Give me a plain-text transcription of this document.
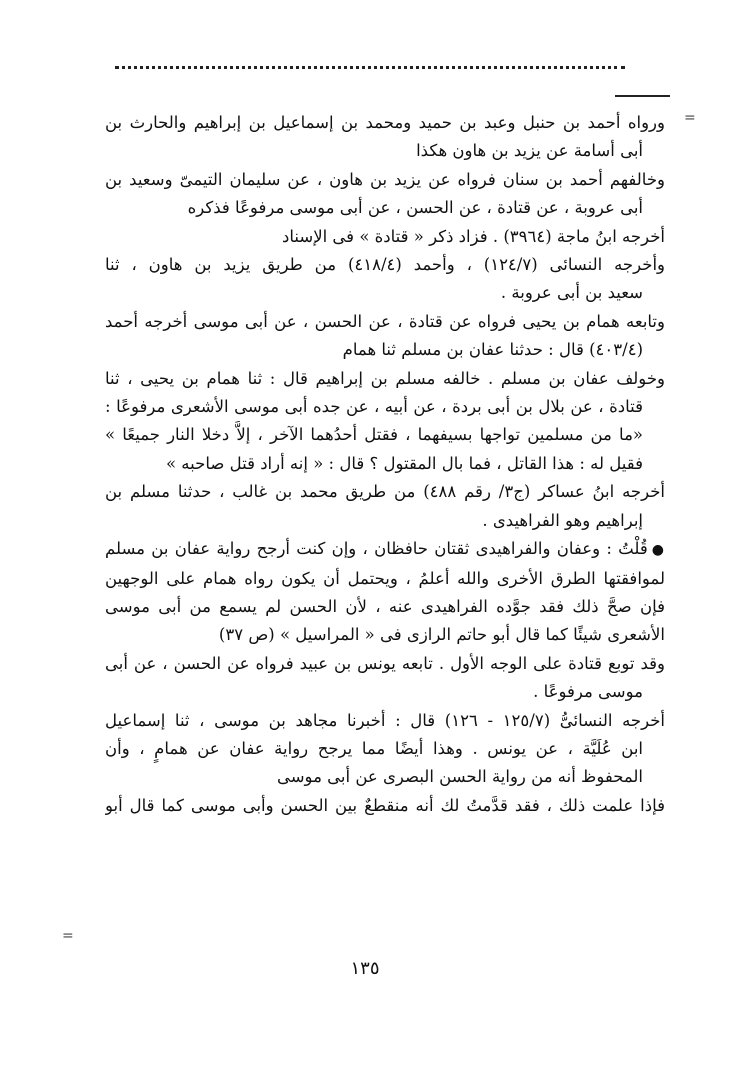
=
=
ورواه أحمد بن حنبل وعبد بن حميد ومحمد بن إسماعيل بن إبراهيم والحارث بن
أبى أسامة عن يزيد بن هاون هكذا
وخالفهم أحمد بن سنان فرواه عن يزيد بن هاون ، عن سليمان التيمىّ وسعيد بن
أبى عروبة ، عن قتادة ، عن الحسن ، عن أبى موسى مرفوعًا فذكره
أخرجه ابنُ ماجة (٣٩٦٤) . فزاد ذكر « قتادة » فى الإسناد
وأخرجه النسائى (١٢٤/٧) ، وأحمد (٤١٨/٤) من طريق يزيد بن هاون ، ثنا
سعيد بن أبى عروبة .
وتابعه همام بن يحيى فرواه عن قتادة ، عن الحسن ، عن أبى موسى أخرجه أحمد
(٤٠٣/٤) قال : حدثنا عفان بن مسلم ثنا همام
وخولف عفان بن مسلم . خالفه مسلم بن إبراهيم قال : ثنا همام بن يحيى ، ثنا
قتادة ، عن بلال بن أبى بردة ، عن أبيه ، عن جده أبى موسى الأشعرى مرفوعًا :
«ما من مسلمين تواجها بسيفهما ، فقتل أحدُهما الآخر ، إلاَّ دخلا النار جميعًا »
فقيل له : هذا القاتل ، فما بال المقتول ؟ قال : « إنه أراد قتل صاحبه »
أخرجه ابنُ عساكر (ج٣/ رقم ٤٨٨) من طريق محمد بن غالب ، حدثنا مسلم بن
إبراهيم وهو الفراهيدى .
●قُلْتُ : وعفان والفراهيدى ثقتان حافظان ، وإن كنت أرجح رواية عفان بن مسلم
لموافقتها الطرق الأخرى والله أعلمُ ، ويحتمل أن يكون رواه همام على الوجهين
فإن صحَّ ذلك فقد جوَّده الفراهيدى عنه ، لأن الحسن لم يسمع من أبى موسى
الأشعرى شيئًا كما قال أبو حاتم الرازى فى « المراسيل » (ص ٣٧)
وقد توبع قتادة على الوجه الأول . تابعه يونس بن عبيد فرواه عن الحسن ، عن أبى
موسى مرفوعًا .
أخرجه النسائىُّ (١٢٥/٧ - ١٢٦) قال : أخبرنا مجاهد بن موسى ، ثنا إسماعيل
ابن عُلَيَّة ، عن يونس . وهذا أيضًا مما يرجح رواية عفان عن همامٍ ، وأن
المحفوظ أنه من رواية الحسن البصرى عن أبى موسى
فإذا علمت ذلك ، فقد قدَّمتُ لك أنه منقطعٌ بين الحسن وأبى موسى كما قال أبو
١٣٥
